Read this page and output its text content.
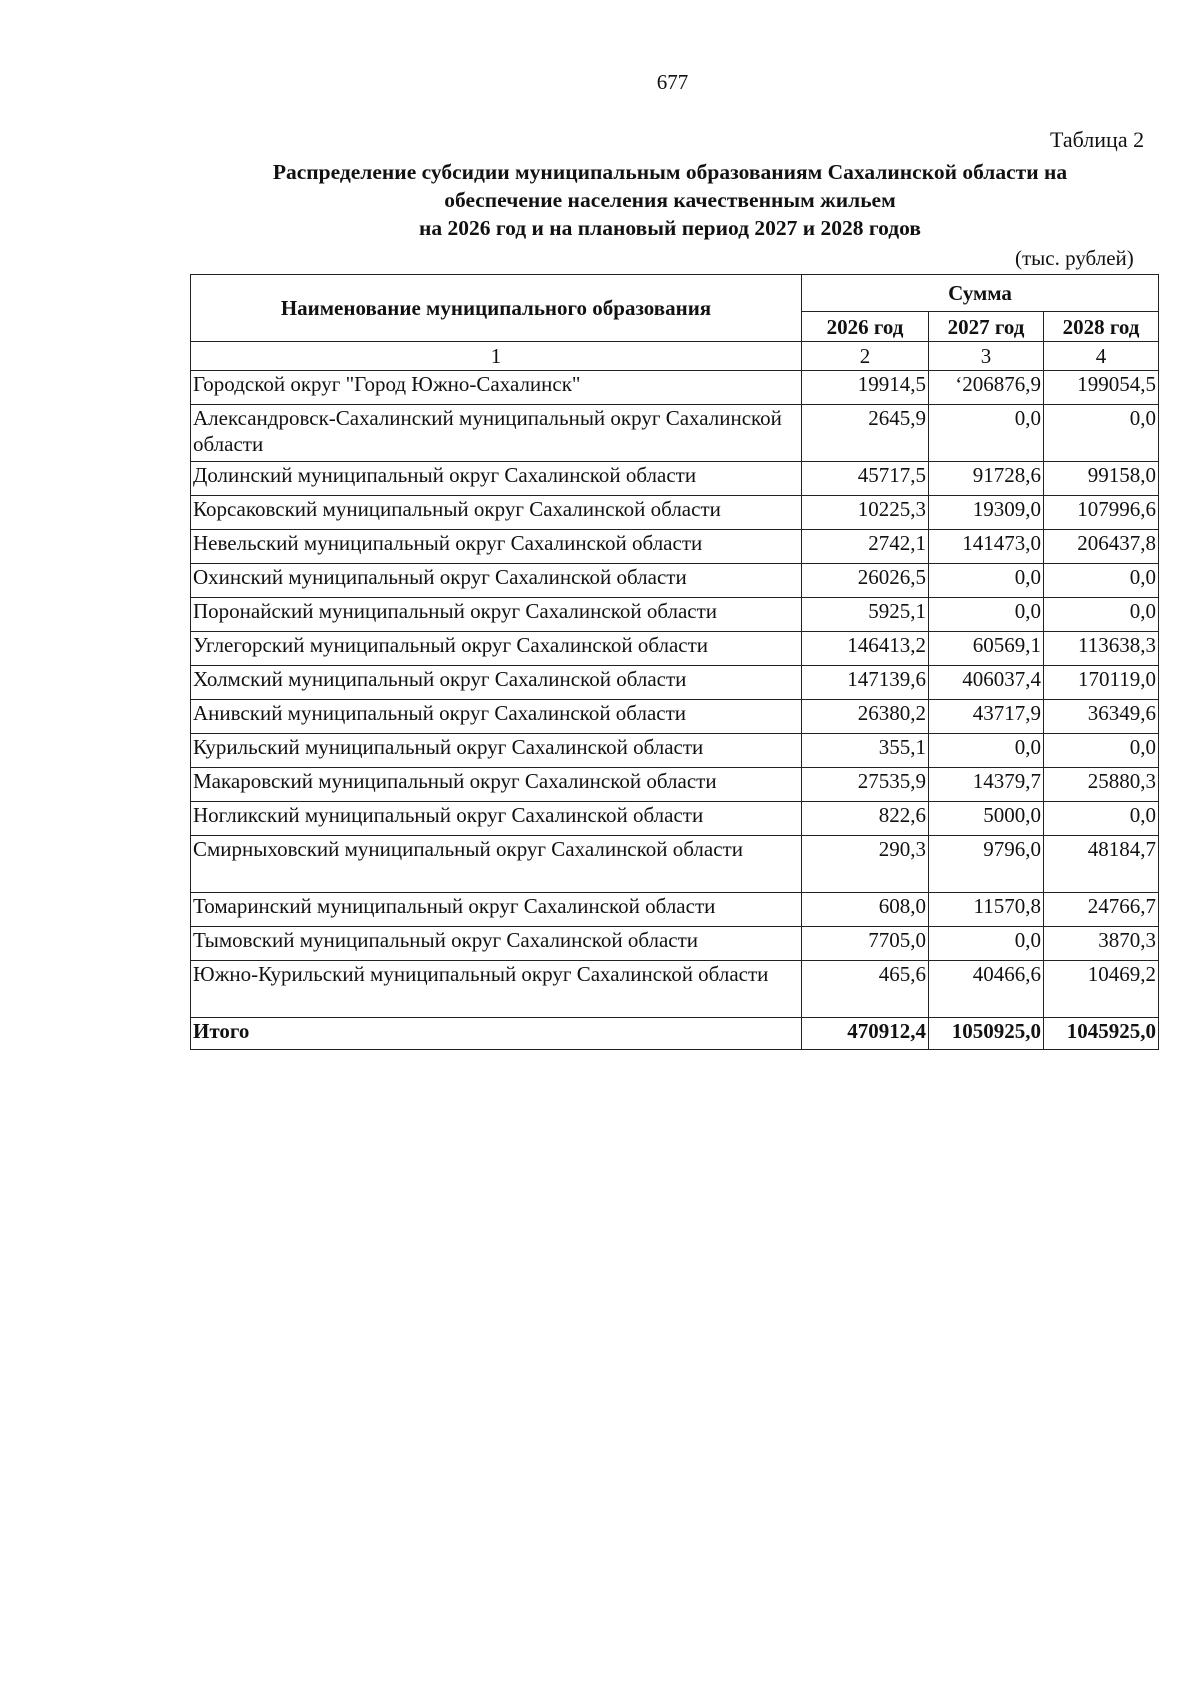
677
Таблица 2
Распределение субсидии муниципальным образованиям Сахалинской области на
обеспечение населения качественным жильем
на 2026 год и на плановый период 2027 и 2028 годов
(тыс. рублей)
Наименование муниципального образования	Сумма		
	2026 год	2027 год	2028 год
1	2	3	4
Городской округ "Город Южно-Сахалинск"	19914,5	‘206876,9	199054,5
Александровск-Сахалинский муниципальный округ Сахалинской области	2645,9	0,0	0,0
Долинский муниципальный округ Сахалинской области	45717,5	91728,6	99158,0
Корсаковский муниципальный округ Сахалинской области	10225,3	19309,0	107996,6
Невельский муниципальный округ Сахалинской области	2742,1	141473,0	206437,8
Охинский муниципальный округ Сахалинской области	26026,5	0,0	0,0
Поронайский муниципальный округ Сахалинской области	5925,1	0,0	0,0
Углегорский муниципальный округ Сахалинской области	146413,2	60569,1	113638,3
Холмский муниципальный округ Сахалинской области	147139,6	406037,4	170119,0
Анивский муниципальный округ Сахалинской области	26380,2	43717,9	36349,6
Курильский муниципальный округ Сахалинской области	355,1	0,0	0,0
Макаровский муниципальный округ Сахалинской области	27535,9	14379,7	25880,3
Ногликский муниципальный округ Сахалинской области	822,6	5000,0	0,0
Смирныховский муниципальный округ Сахалинской области	290,3	9796,0	48184,7
Томаринский муниципальный округ Сахалинской области	608,0	11570,8	24766,7
Тымовский муниципальный округ Сахалинской области	7705,0	0,0	3870,3
Южно-Курильский муниципальный округ Сахалинской области	465,6	40466,6	10469,2
Итого	470912,4	1050925,0	1045925,0
